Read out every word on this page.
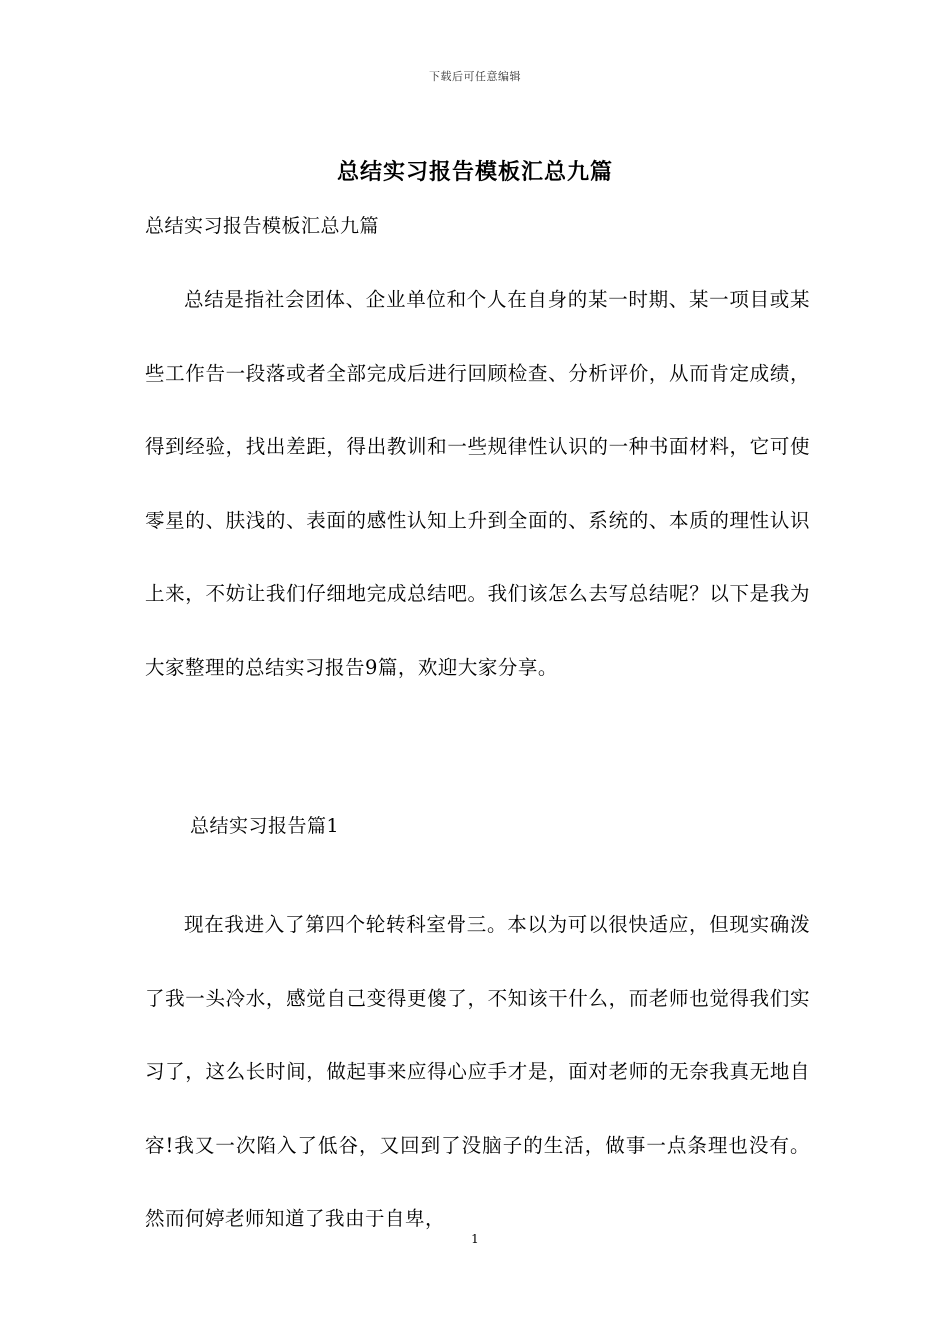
下载后可任意编辑
总结实习报告模板汇总九篇
总结实习报告模板汇总九篇
总结是指社会团体、企业单位和个人在自身的某一时期、某一项目或某些工作告一段落或者全部完成后进行回顾检查、分析评价，从而肯定成绩，得到经验，找出差距，得出教训和一些规律性认识的一种书面材料，它可使零星的、肤浅的、表面的感性认知上升到全面的、系统的、本质的理性认识上来，不妨让我们仔细地完成总结吧。我们该怎么去写总结呢？以下是我为大家整理的总结实习报告9篇，欢迎大家分享。
总结实习报告篇1
现在我进入了第四个轮转科室骨三。本以为可以很快适应，但现实确泼了我一头冷水，感觉自己变得更傻了，不知该干什么，而老师也觉得我们实习了，这么长时间，做起事来应得心应手才是，面对老师的无奈我真无地自容!我又一次陷入了低谷，又回到了没脑子的生活，做事一点条理也没有。然而何婷老师知道了我由于自卑，
1
